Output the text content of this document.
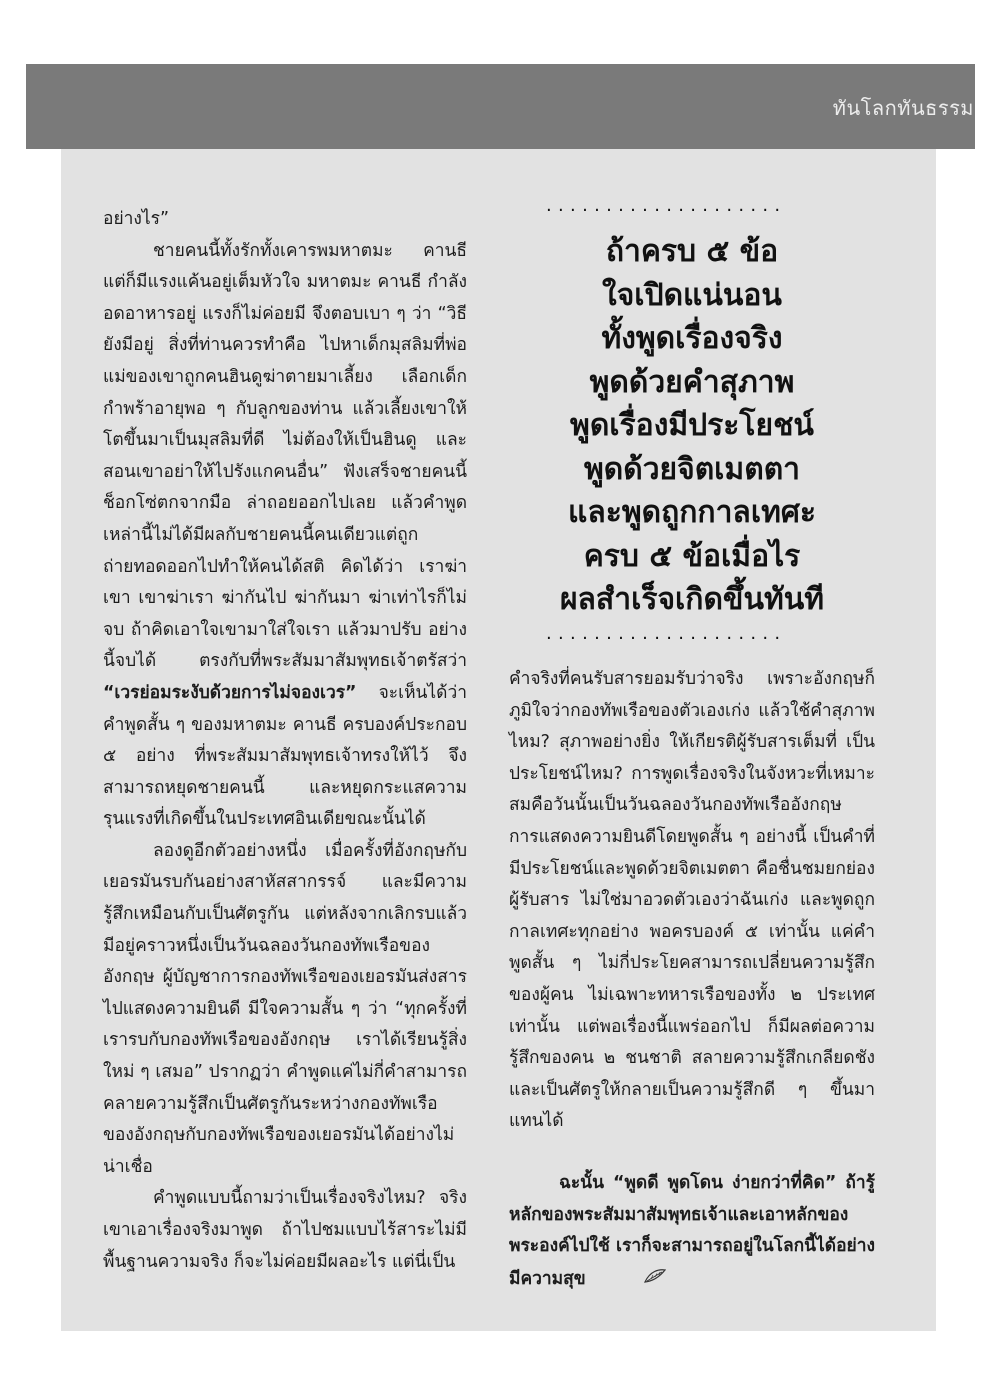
ทันโลกทันธรรม

อย่างไร”

ชายคนนี้ทั้งรักทั้งเคารพมหาตมะ คานธี แต่ก็มีแรงแค้นอยู่เต็มหัวใจ มหาตมะ คานธี กำลังอดอาหารอยู่ แรงก็ไม่ค่อยมี จึงตอบเบา ๆ ว่า “วิธียังมีอยู่ สิ่งที่ท่านควรทำคือ ไปหาเด็กมุสลิมที่พ่อแม่ของเขาถูกคนฮินดูฆ่าตายมาเลี้ยง เลือกเด็กกำพร้าอายุพอ ๆ กับลูกของท่าน แล้วเลี้ยงเขาให้โตขึ้นมาเป็นมุสลิมที่ดี ไม่ต้องให้เป็นฮินดู และสอนเขาอย่าให้ไปรังแกคนอื่น” ฟังเสร็จชายคนนี้ช็อกโซ่ตกจากมือ ล่าถอยออกไปเลย แล้วคำพูดเหล่านี้ไม่ได้มีผลกับชายคนนี้คนเดียวแต่ถูกถ่ายทอดออกไปทำให้คนได้สติ คิดได้ว่า เราฆ่าเขา เขาฆ่าเรา ฆ่ากันไป ฆ่ากันมา ฆ่าเท่าไรก็ไม่จบ ถ้าคิดเอาใจเขามาใส่ใจเรา แล้วมาปรับ อย่างนี้จบได้ ตรงกับที่พระสัมมาสัมพุทธเจ้าตรัสว่า “เวรย่อมระงับด้วยการไม่จองเวร” จะเห็นได้ว่า คำพูดสั้น ๆ ของมหาตมะ คานธี ครบองค์ประกอบ ๕ อย่าง ที่พระสัมมาสัมพุทธเจ้าทรงให้ไว้ จึงสามารถหยุดชายคนนี้ และหยุดกระแสความรุนแรงที่เกิดขึ้นในประเทศอินเดียขณะนั้นได้

ลองดูอีกตัวอย่างหนึ่ง เมื่อครั้งที่อังกฤษกับเยอรมันรบกันอย่างสาหัสสากรรจ์ และมีความรู้สึกเหมือนกับเป็นศัตรูกัน แต่หลังจากเลิกรบแล้ว มีอยู่คราวหนึ่งเป็นวันฉลองวันกองทัพเรือของอังกฤษ ผู้บัญชาการกองทัพเรือของเยอรมันส่งสารไปแสดงความยินดี มีใจความสั้น ๆ ว่า “ทุกครั้งที่เรารบกับกองทัพเรือของอังกฤษ เราได้เรียนรู้สิ่งใหม่ ๆ เสมอ” ปรากฏว่า คำพูดแค่ไม่กี่คำสามารถคลายความรู้สึกเป็นศัตรูกันระหว่างกองทัพเรือของอังกฤษกับกองทัพเรือของเยอรมันได้อย่างไม่น่าเชื่อ

คำพูดแบบนี้ถามว่าเป็นเรื่องจริงไหม? จริงเขาเอาเรื่องจริงมาพูด ถ้าไปชมแบบไร้สาระไม่มีพื้นฐานความจริง ก็จะไม่ค่อยมีผลอะไร แต่นี่เป็น

....................
ถ้าครบ ๕ ข้อ
ใจเปิดแน่นอน
ทั้งพูดเรื่องจริง
พูดด้วยคำสุภาพ
พูดเรื่องมีประโยชน์
พูดด้วยจิตเมตตา
และพูดถูกกาลเทศะ
ครบ ๕ ข้อเมื่อไร
ผลสำเร็จเกิดขึ้นทันที
....................

คำจริงที่คนรับสารยอมรับว่าจริง เพราะอังกฤษก็ภูมิใจว่ากองทัพเรือของตัวเองเก่ง แล้วใช้คำสุภาพไหม? สุภาพอย่างยิ่ง ให้เกียรติผู้รับสารเต็มที่ เป็นประโยชน์ไหม? การพูดเรื่องจริงในจังหวะที่เหมาะสมคือวันนั้นเป็นวันฉลองวันกองทัพเรืออังกฤษ การแสดงความยินดีโดยพูดสั้น ๆ อย่างนี้ เป็นคำที่มีประโยชน์และพูดด้วยจิตเมตตา คือชื่นชมยกย่องผู้รับสาร ไม่ใช่มาอวดตัวเองว่าฉันเก่ง และพูดถูกกาลเทศะทุกอย่าง พอครบองค์ ๕ เท่านั้น แค่คำพูดสั้น ๆ ไม่กี่ประโยคสามารถเปลี่ยนความรู้สึกของผู้คน ไม่เฉพาะทหารเรือของทั้ง ๒ ประเทศเท่านั้น แต่พอเรื่องนี้แพร่ออกไป ก็มีผลต่อความรู้สึกของคน ๒ ชนชาติ สลายความรู้สึกเกลียดชังและเป็นศัตรูให้กลายเป็นความรู้สึกดี ๆ ขึ้นมาแทนได้

ฉะนั้น “พูดดี พูดโดน ง่ายกว่าที่คิด” ถ้ารู้หลักของพระสัมมาสัมพุทธเจ้าและเอาหลักของพระองค์ไปใช้ เราก็จะสามารถอยู่ในโลกนี้ได้อย่างมีความสุข
